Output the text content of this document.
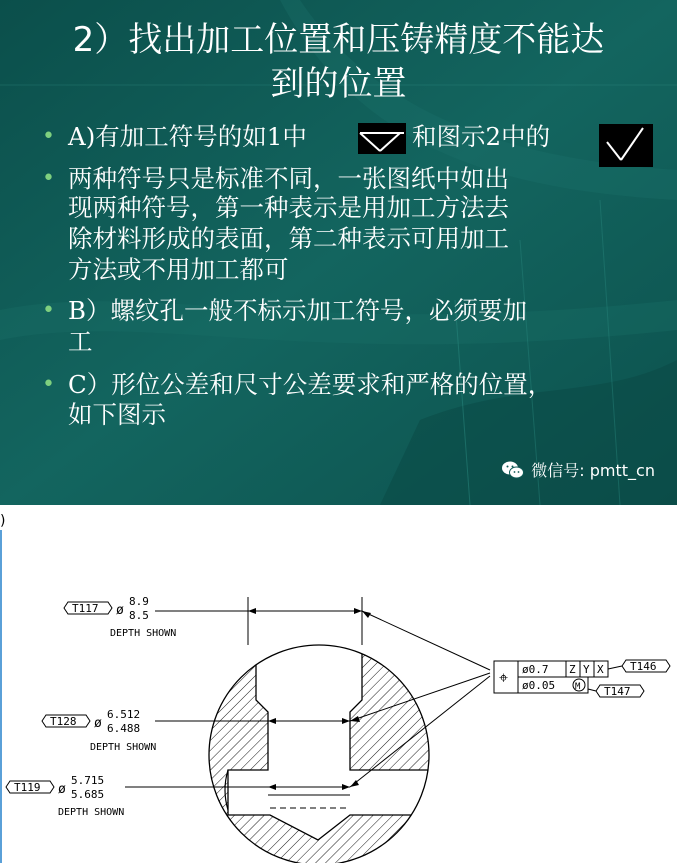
2）找出加工位置和压铸精度不能达
到的位置
• A)有加工符号的如1中	和图示2中的
• 两种符号只是标准不同，一张图纸中如出
现两种符号，第一种表示是用加工方法去
除材料形成的表面，第二种表示可用加工
方法或不用加工都可
• B）螺纹孔一般不标示加工符号，必须要加
工
• C）形位公差和尺寸公差要求和严格的位置，
如下图示
微信号: pmtt_cn
)
T117 ø
8.9
8.5
DEPTH SHOWN
T128 ø
6.512
6.488
DEPTH SHOWN
T119 ø
5.715
5.685
DEPTH SHOWN
⌖ ø0.7 Z Y X
ø0.05 M
T146
T147
